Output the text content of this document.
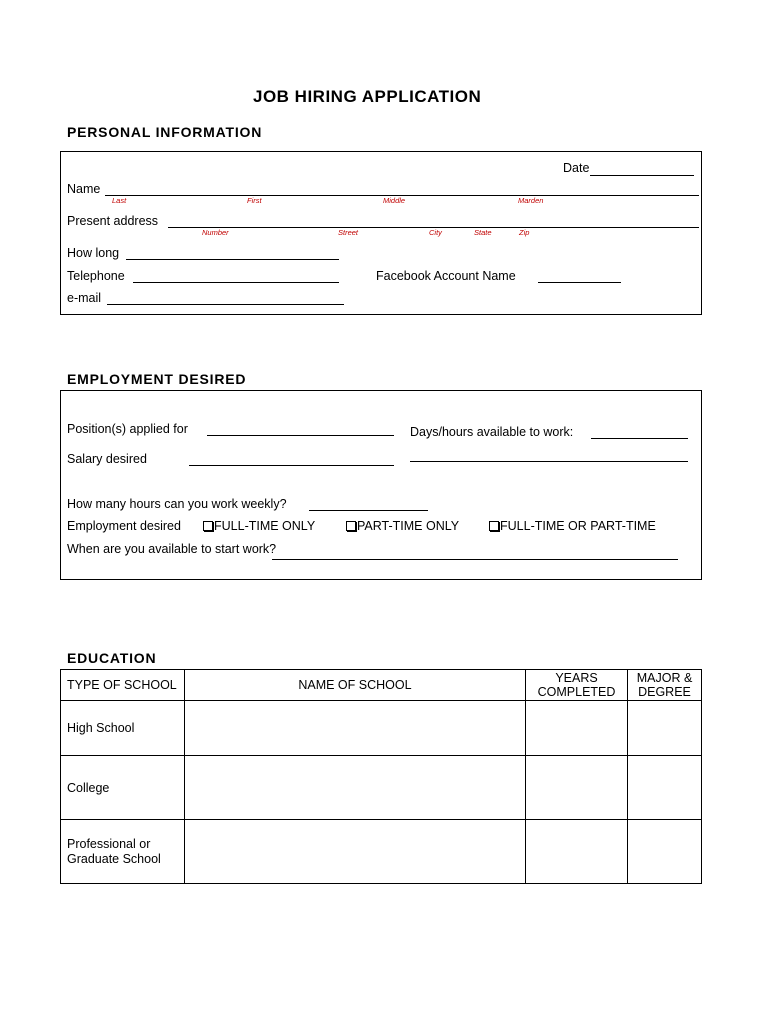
JOB HIRING APPLICATION
PERSONAL INFORMATION
Date
Name
Last	First	Middle	Marden
Present address
Number	Street	City	State	Zip
How long
Telephone	Facebook Account Name
e-mail
EMPLOYMENT DESIRED
Position(s) applied for	Days/hours available to work:
Salary desired
How many hours can you work weekly?
Employment desired	FULL-TIME ONLY	PART-TIME ONLY	FULL-TIME OR PART-TIME
When are you available to start work?
EDUCATION
TYPE OF SCHOOL	NAME OF SCHOOL	YEARS COMPLETED	MAJOR & DEGREE
High School			
College			
Professional or Graduate School			
